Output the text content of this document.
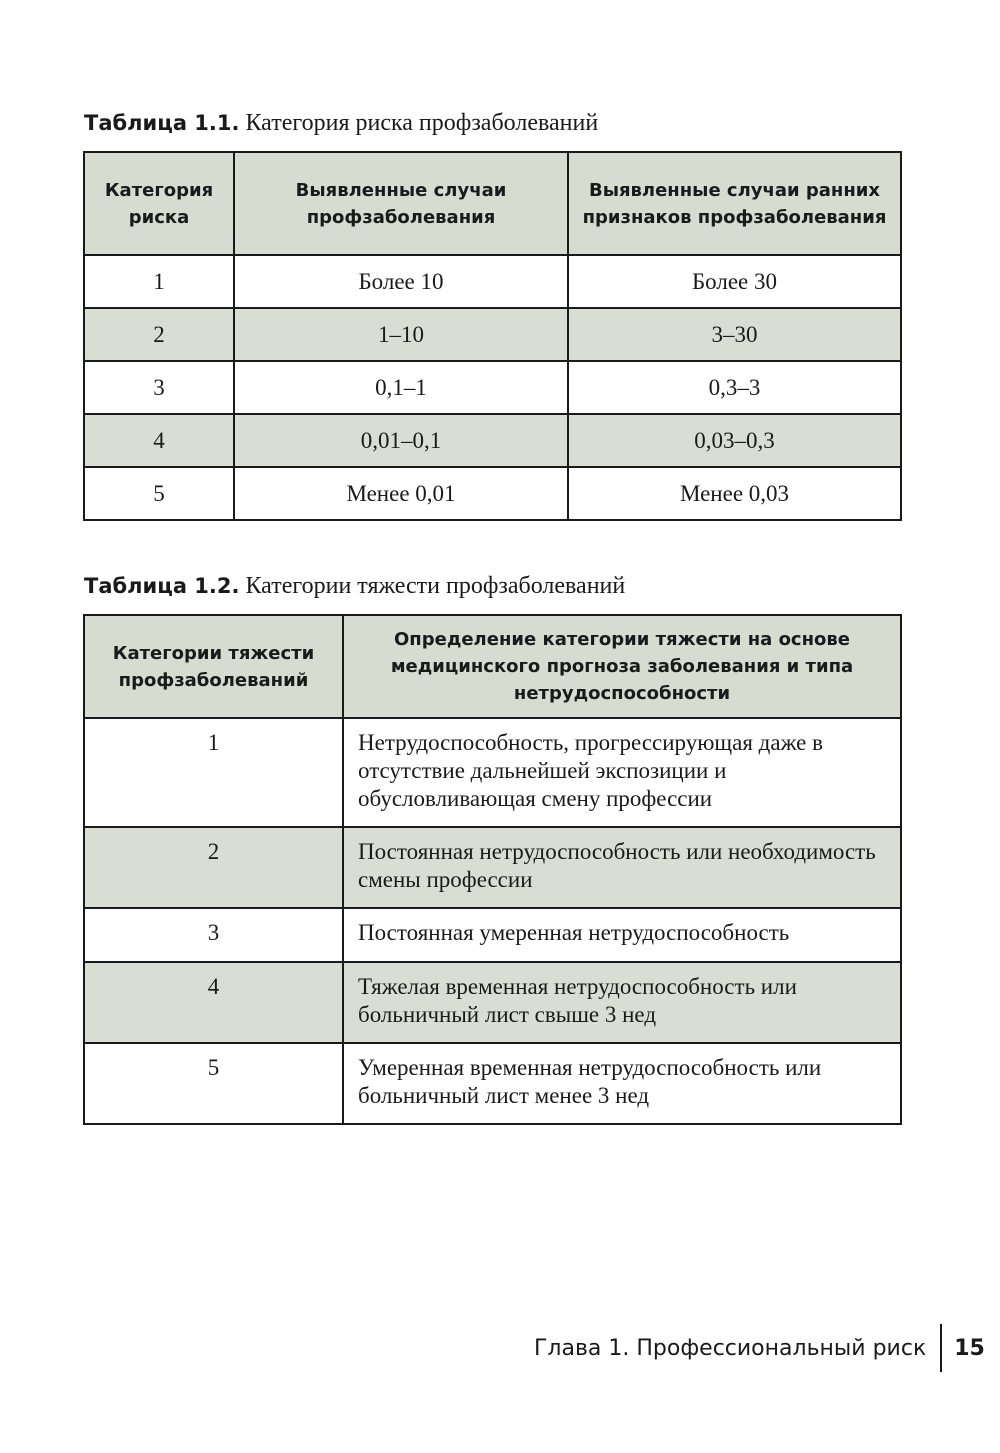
Таблица 1.1. Категория риска профзаболеваний
Категория риска	Выявленные случаи профзаболевания	Выявленные случаи ранних признаков профзаболевания
1	Более 10	Более 30
2	1–10	3–30
3	0,1–1	0,3–3
4	0,01–0,1	0,03–0,3
5	Менее 0,01	Менее 0,03
Таблица 1.2. Категории тяжести профзаболеваний
Категории тяжести профзаболеваний	Определение категории тяжести на основе медицинского прогноза заболевания и типа нетрудоспособности
1	Нетрудоспособность, прогрессирующая даже в отсутствие дальнейшей экспозиции и обусловливающая смену профессии
2	Постоянная нетрудоспособность или необходимость смены профессии
3	Постоянная умеренная нетрудоспособность
4	Тяжелая временная нетрудоспособность или больничный лист свыше 3 нед
5	Умеренная временная нетрудоспособность или больничный лист менее 3 нед
Глава 1. Профессиональный риск 15
